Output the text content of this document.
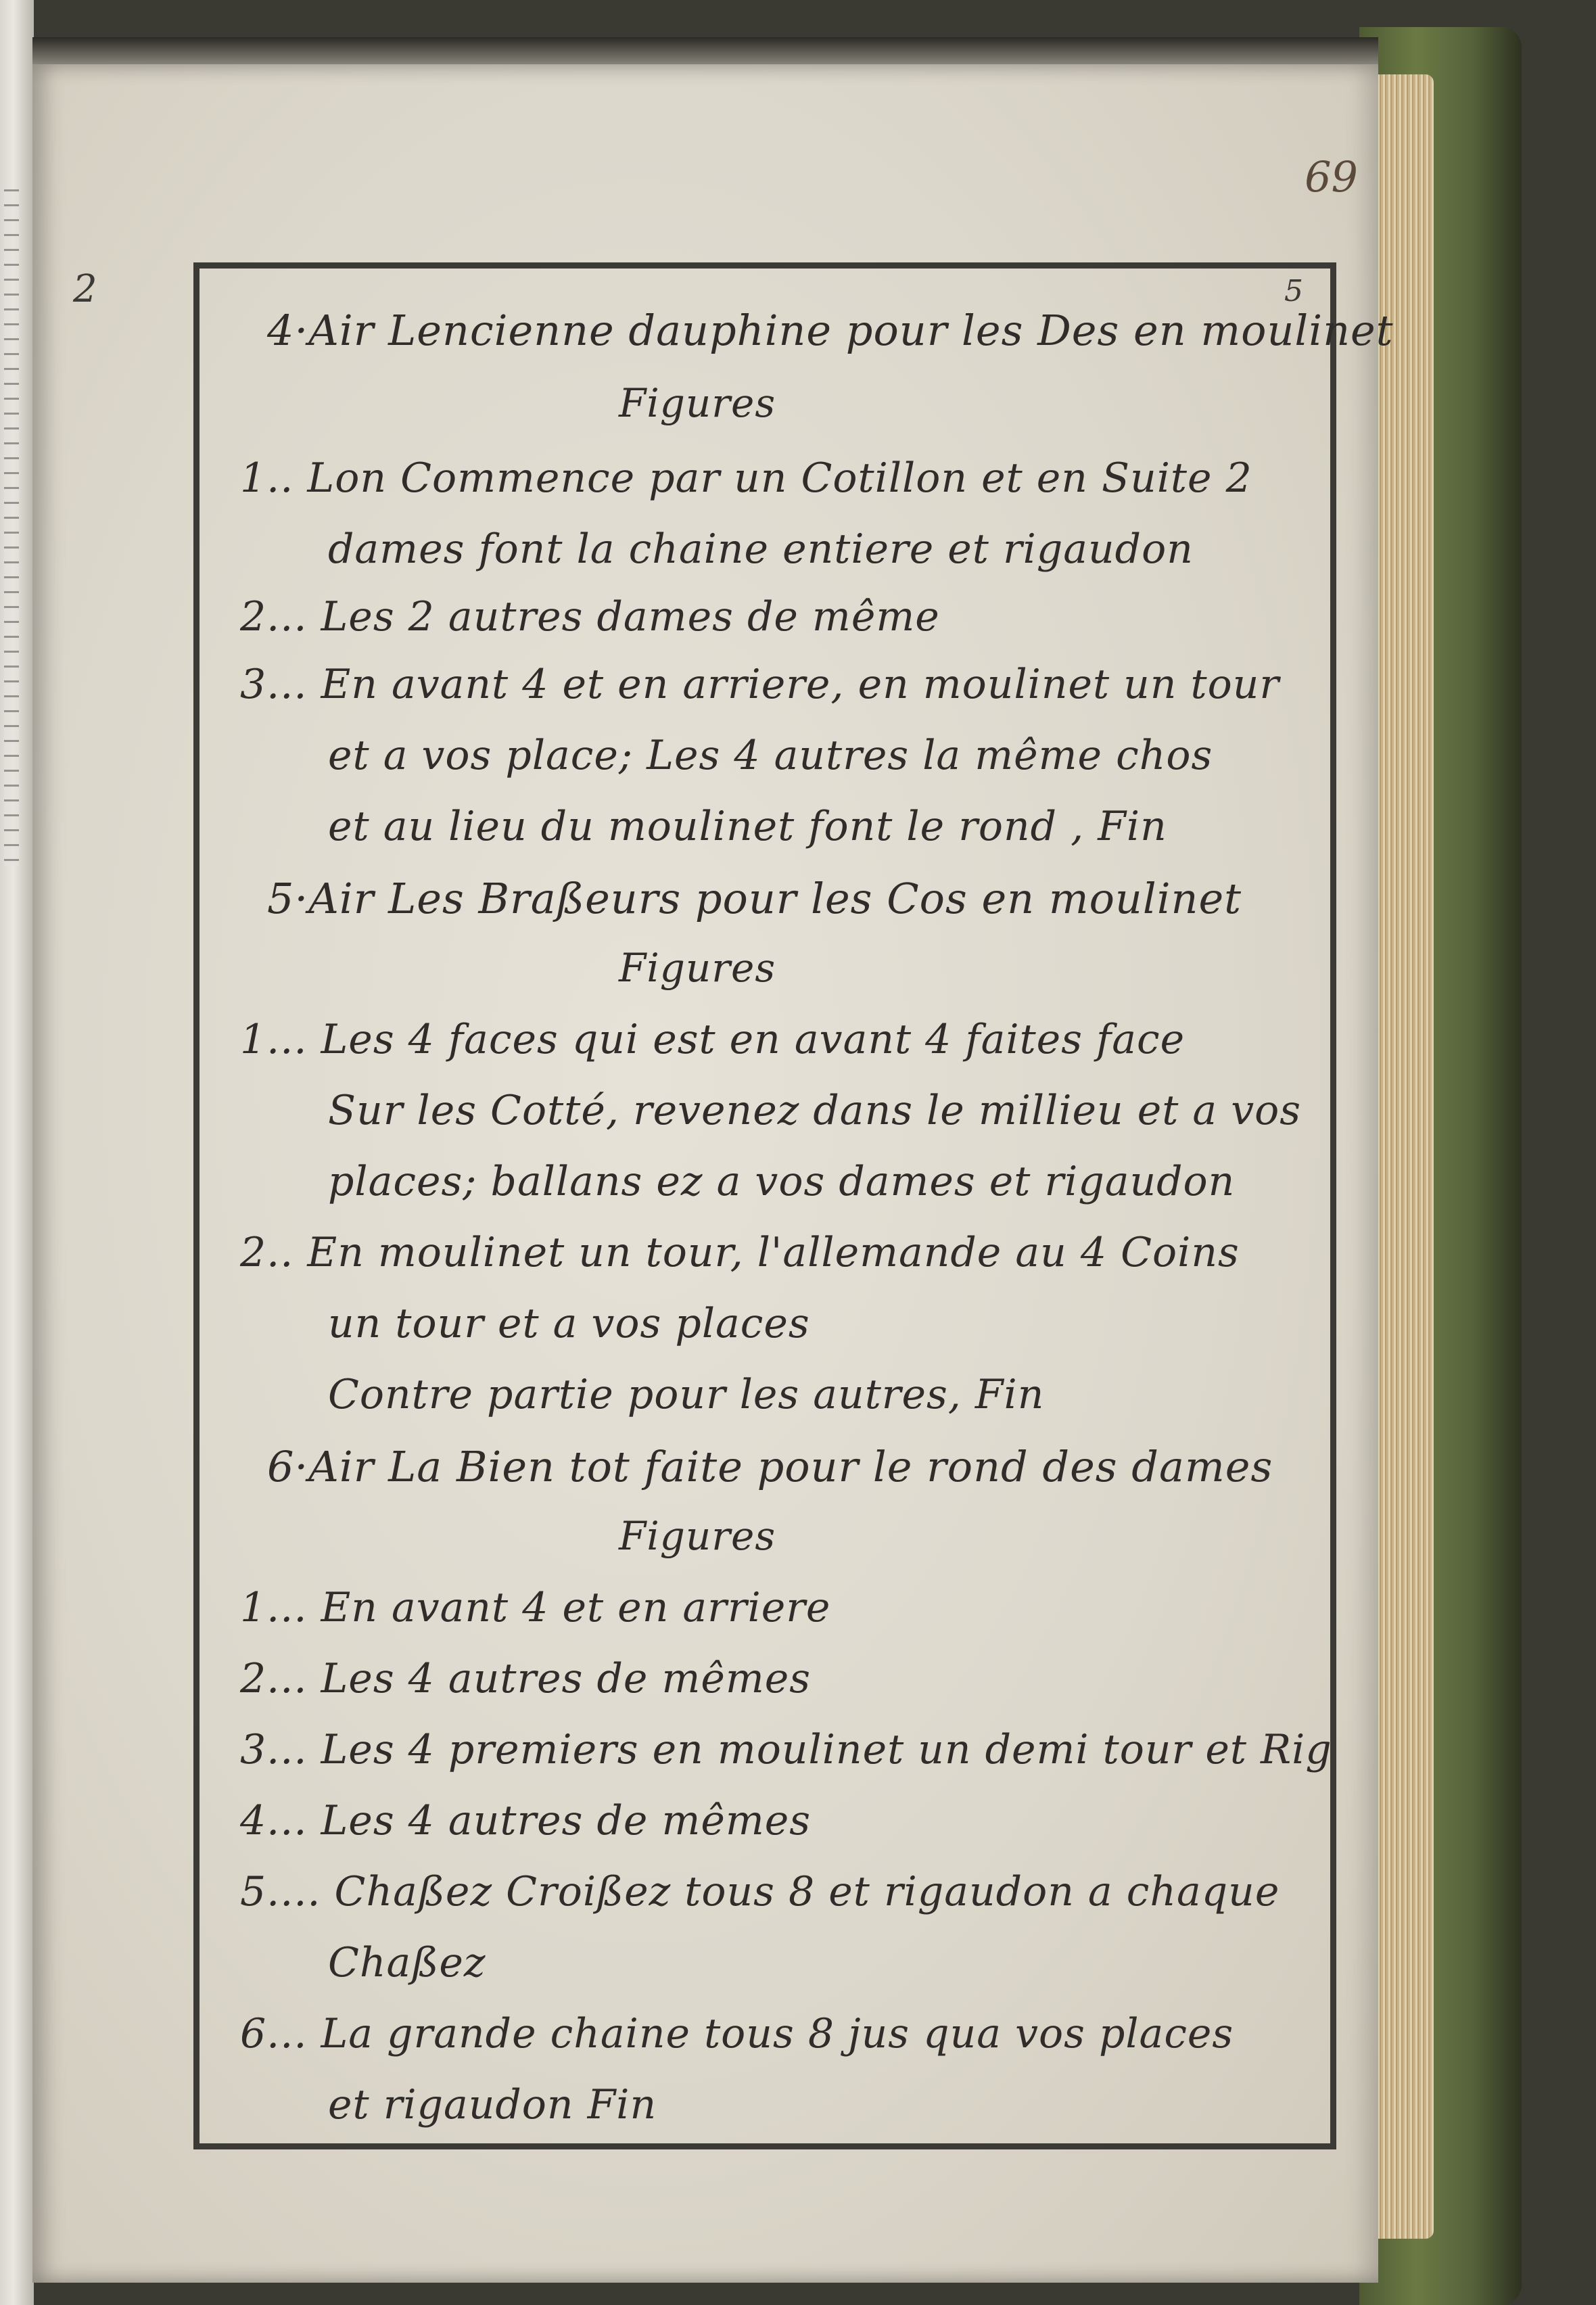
69
2	5
4·Air Lencienne dauphine pour les Des en moulinet
Figures
1.. Lon Commence par un Cotillon et en Suite 2
dames font la chaine entiere et rigaudon
2... Les 2 autres dames de même
3... En avant 4 et en arriere, en moulinet un tour
et a vos place; Les 4 autres la même chos
et au lieu du moulinet font le rond , Fin
5·Air Les Braßeurs pour les Cos en moulinet
Figures
1... Les 4 faces qui est en avant 4 faites face
Sur les Cotté, revenez dans le millieu et a vos
places; ballans ez a vos dames et rigaudon
2.. En moulinet un tour, l'allemande au 4 Coins
un tour et a vos places
Contre partie pour les autres, Fin
6·Air La Bien tot faite pour le rond des dames
Figures
1... En avant 4 et en arriere
2... Les 4 autres de mêmes
3... Les 4 premiers en moulinet un demi tour et Rig
4... Les 4 autres de mêmes
5.... Chaßez Croißez tous 8 et rigaudon a chaque
Chaßez
6... La grande chaine tous 8 jus qua vos places
et rigaudon Fin
